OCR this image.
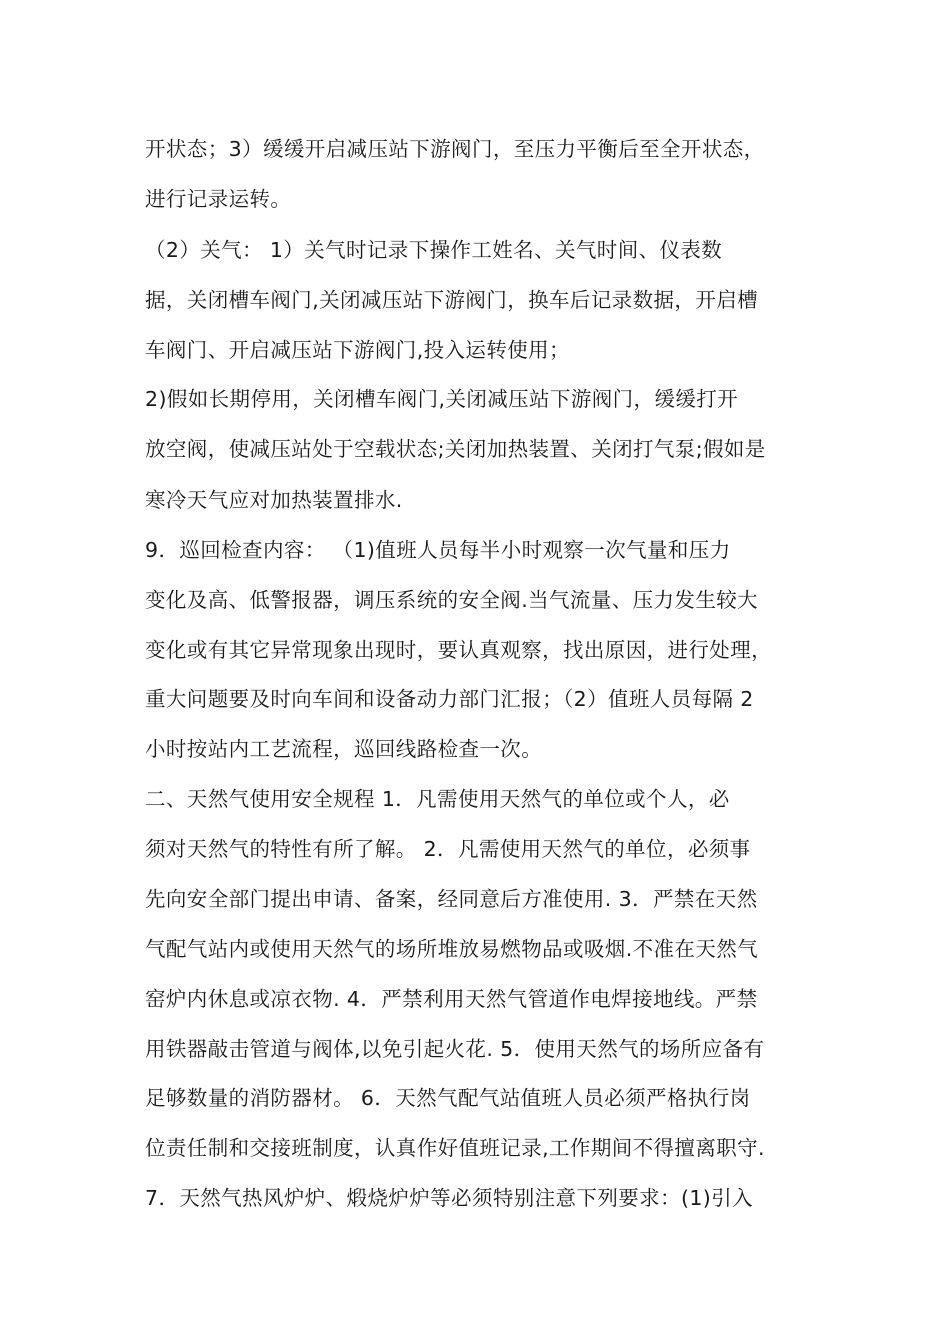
开状态；3）缓缓开启减压站下游阀门，至压力平衡后至全开状态，
进行记录运转。
（2）关气： 1）关气时记录下操作工姓名、关气时间、仪表数
据，关闭槽车阀门,关闭减压站下游阀门，换车后记录数据，开启槽
车阀门、开启减压站下游阀门,投入运转使用；
2)假如长期停用，关闭槽车阀门,关闭减压站下游阀门，缓缓打开
放空阀，使减压站处于空载状态;关闭加热装置、关闭打气泵;假如是
寒冷天气应对加热装置排水.
9．巡回检查内容： （1)值班人员每半小时观察一次气量和压力
变化及高、低警报器，调压系统的安全阀.当气流量、压力发生较大
变化或有其它异常现象出现时，要认真观察，找出原因，进行处理，
重大问题要及时向车间和设备动力部门汇报；（2）值班人员每隔 2
小时按站内工艺流程，巡回线路检查一次。
二、天然气使用安全规程 1．凡需使用天然气的单位或个人，必
须对天然气的特性有所了解。 2．凡需使用天然气的单位，必须事
先向安全部门提出申请、备案，经同意后方准使用. 3．严禁在天然
气配气站内或使用天然气的场所堆放易燃物品或吸烟.不准在天然气
窑炉内休息或凉衣物. 4．严禁利用天然气管道作电焊接地线。严禁
用铁器敲击管道与阀体,以免引起火花. 5．使用天然气的场所应备有
足够数量的消防器材。 6．天然气配气站值班人员必须严格执行岗
位责任制和交接班制度，认真作好值班记录,工作期间不得擅离职守.
7．天然气热风炉炉、煅烧炉炉等必须特别注意下列要求：(1)引入
